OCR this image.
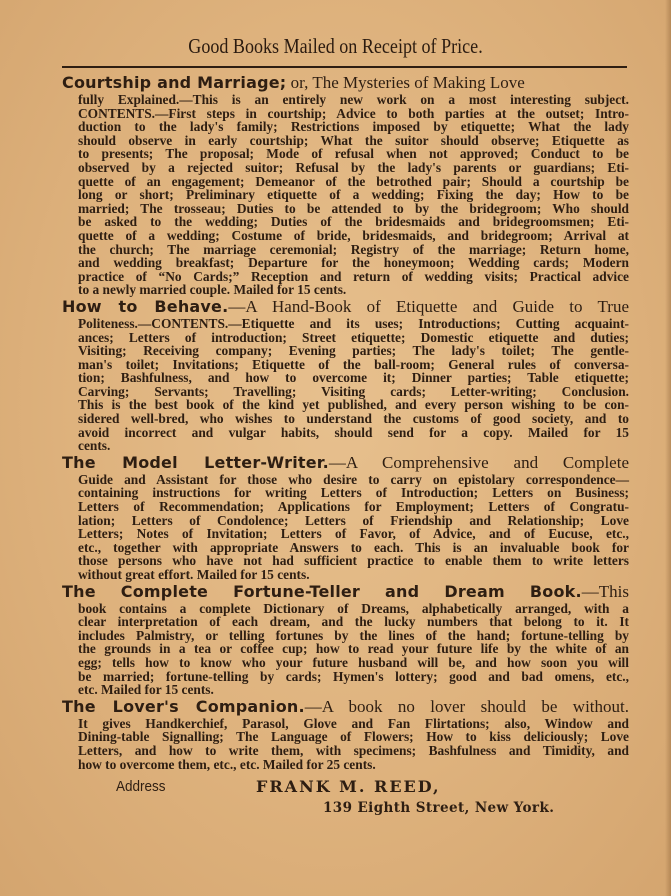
Good Books Mailed on Receipt of Price.
Courtship and Marriage; or, The Mysteries of Making Love
fully Explained.—This is an entirely new work on a most interesting subject.
CONTENTS.—First steps in courtship; Advice to both parties at the outset; Intro-
duction to the lady's family; Restrictions imposed by etiquette; What the lady
should observe in early courtship; What the suitor should observe; Etiquette as
to presents; The proposal; Mode of refusal when not approved; Conduct to be
observed by a rejected suitor; Refusal by the lady's parents or guardians; Eti-
quette of an engagement; Demeanor of the betrothed pair; Should a courtship be
long or short; Preliminary etiquette of a wedding; Fixing the day; How to be
married; The trosseau; Duties to be attended to by the bridegroom; Who should
be asked to the wedding; Duties of the bridesmaids and bridegroomsmen; Eti-
quette of a wedding; Costume of bride, bridesmaids, and bridegroom; Arrival at
the church; The marriage ceremonial; Registry of the marriage; Return home,
and wedding breakfast; Departure for the honeymoon; Wedding cards; Modern
practice of “No Cards;” Reception and return of wedding visits; Practical advice
to a newly married couple. Mailed for 15 cents.
How to Behave.—A Hand-Book of Etiquette and Guide to True
Politeness.—CONTENTS.—Etiquette and its uses; Introductions; Cutting acquaint-
ances; Letters of introduction; Street etiquette; Domestic etiquette and duties;
Visiting; Receiving company; Evening parties; The lady's toilet; The gentle-
man's toilet; Invitations; Etiquette of the ball-room; General rules of conversa-
tion; Bashfulness, and how to overcome it; Dinner parties; Table etiquette;
Carving; Servants; Travelling; Visiting cards; Letter-writing; Conclusion.
This is the best book of the kind yet published, and every person wishing to be con-
sidered well-bred, who wishes to understand the customs of good society, and to
avoid incorrect and vulgar habits, should send for a copy. Mailed for 15
cents.
The Model Letter-Writer.—A Comprehensive and Complete
Guide and Assistant for those who desire to carry on epistolary correspondence—
containing instructions for writing Letters of Introduction; Letters on Business;
Letters of Recommendation; Applications for Employment; Letters of Congratu-
lation; Letters of Condolence; Letters of Friendship and Relationship; Love
Letters; Notes of Invitation; Letters of Favor, of Advice, and of Eucuse, etc.,
etc., together with appropriate Answers to each. This is an invaluable book for
those persons who have not had sufficient practice to enable them to write letters
without great effort. Mailed for 15 cents.
The Complete Fortune-Teller and Dream Book.—This
book contains a complete Dictionary of Dreams, alphabetically arranged, with a
clear interpretation of each dream, and the lucky numbers that belong to it. It
includes Palmistry, or telling fortunes by the lines of the hand; fortune-telling by
the grounds in a tea or coffee cup; how to read your future life by the white of an
egg; tells how to know who your future husband will be, and how soon you will
be married; fortune-telling by cards; Hymen's lottery; good and bad omens, etc.,
etc. Mailed for 15 cents.
The Lover's Companion.—A book no lover should be without.
It gives Handkerchief, Parasol, Glove and Fan Flirtations; also, Window and
Dining-table Signalling; The Language of Flowers; How to kiss deliciously; Love
Letters, and how to write them, with specimens; Bashfulness and Timidity, and
how to overcome them, etc., etc. Mailed for 25 cents.
Address	FRANK M. REED,
139 Eighth Street, New York.
